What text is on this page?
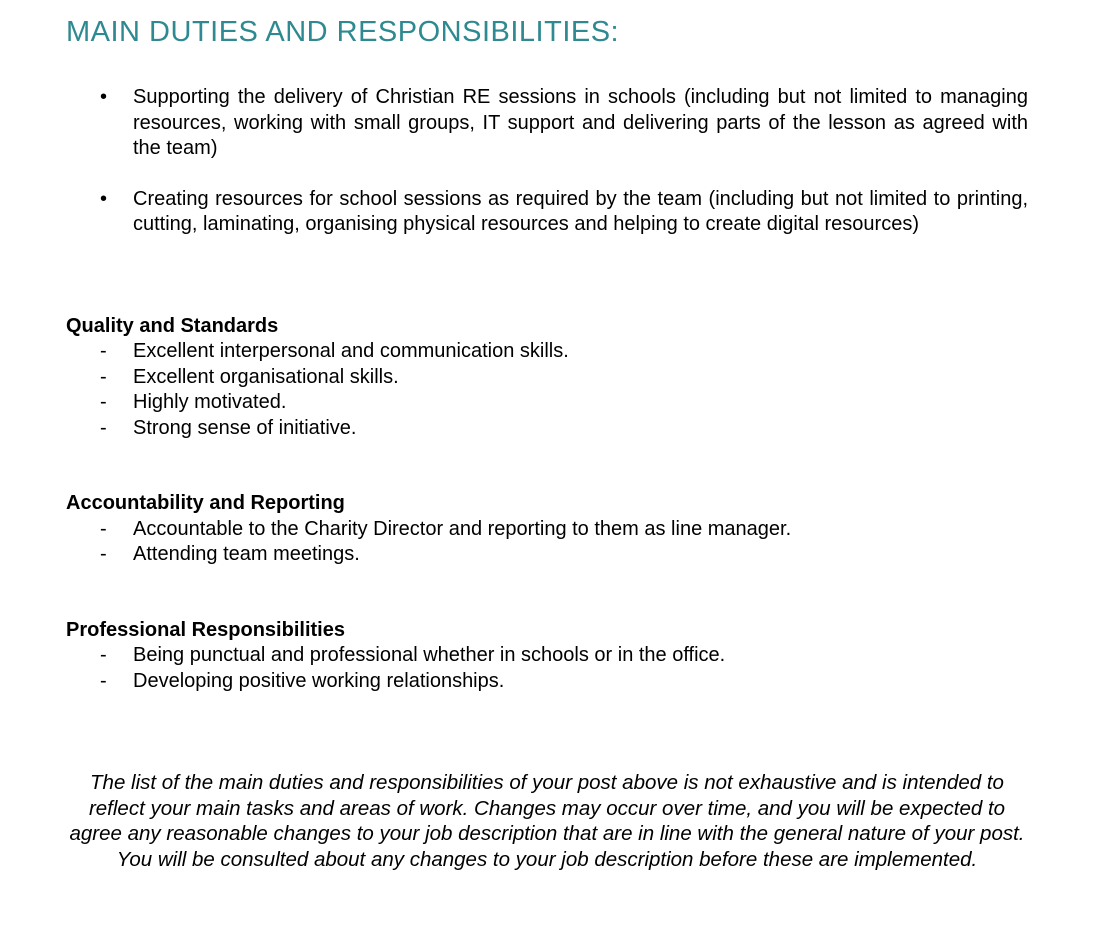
MAIN DUTIES AND RESPONSIBILITIES:
• Supporting the delivery of Christian RE sessions in schools (including but not limited to managing resources, working with small groups, IT support and delivering parts of the lesson as agreed with the team)
• Creating resources for school sessions as required by the team (including but not limited to printing, cutting, laminating, organising physical resources and helping to create digital resources)
Quality and Standards
- Excellent interpersonal and communication skills.
- Excellent organisational skills.
- Highly motivated.
- Strong sense of initiative.
Accountability and Reporting
- Accountable to the Charity Director and reporting to them as line manager.
- Attending team meetings.
Professional Responsibilities
- Being punctual and professional whether in schools or in the office.
- Developing positive working relationships.

The list of the main duties and responsibilities of your post above is not exhaustive and is intended to reflect your main tasks and areas of work. Changes may occur over time, and you will be expected to agree any reasonable changes to your job description that are in line with the general nature of your post. You will be consulted about any changes to your job description before these are implemented.
